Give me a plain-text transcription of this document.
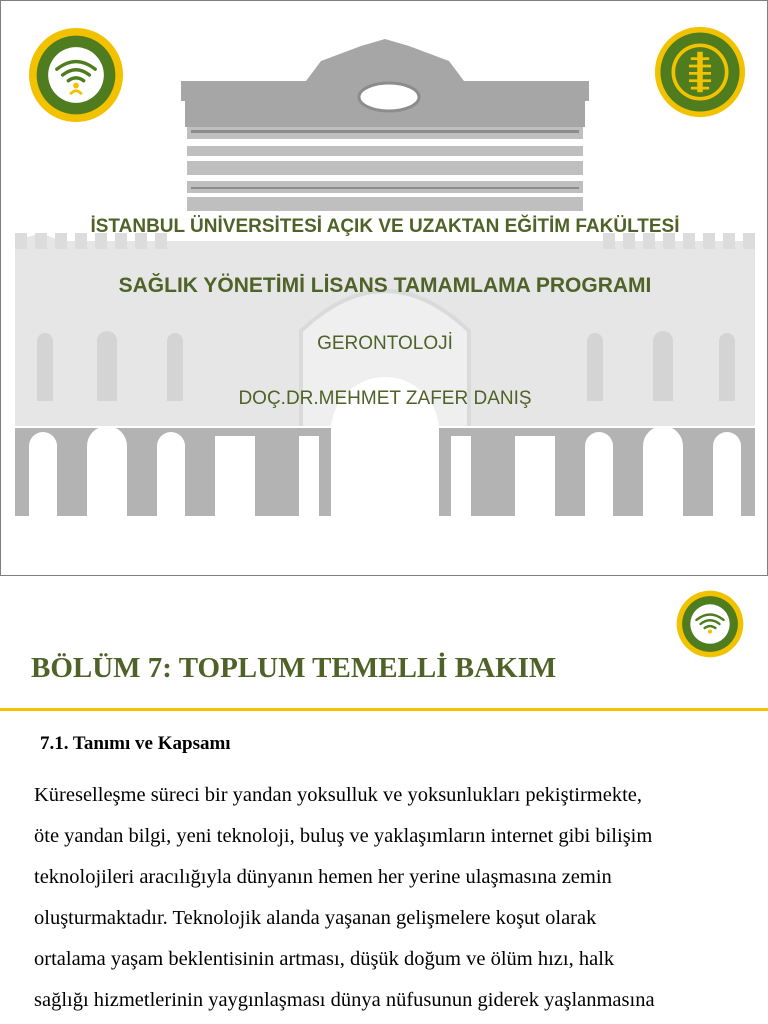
İSTANBUL ÜNİVERSİTESİ AÇIK VE UZAKTAN EĞİTİM FAKÜLTESİ
SAĞLIK YÖNETİMİ LİSANS TAMAMLAMA PROGRAMI
GERONTOLOJİ
DOÇ.DR.MEHMET ZAFER DANIŞ
BÖLÜM 7: TOPLUM TEMELLİ BAKIM
7.1. Tanımı ve Kapsamı
Küreselleşme süreci bir yandan yoksulluk ve yoksunlukları pekiştirmekte,
öte yandan bilgi, yeni teknoloji, buluş ve yaklaşımların internet gibi bilişim
teknolojileri aracılığıyla dünyanın hemen her yerine ulaşmasına zemin
oluşturmaktadır. Teknolojik alanda yaşanan gelişmelere koşut olarak
ortalama yaşam beklentisinin artması, düşük doğum ve ölüm hızı, halk
sağlığı hizmetlerinin yaygınlaşması dünya nüfusunun giderek yaşlanmasına
